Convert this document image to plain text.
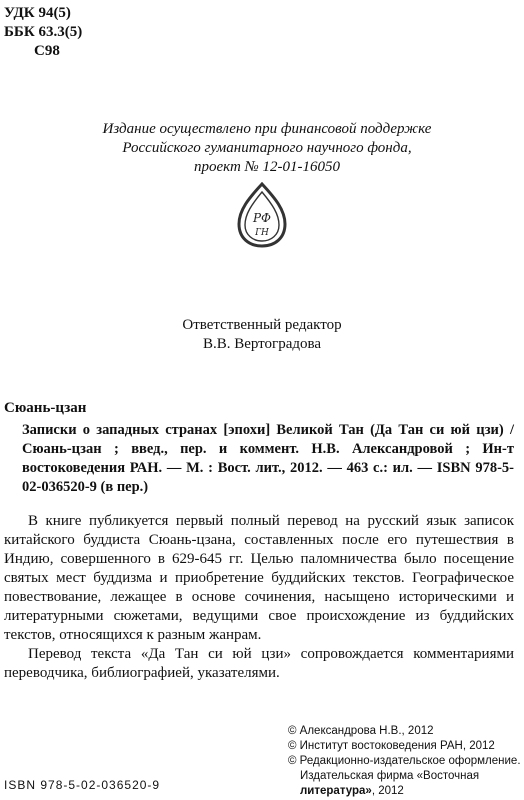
УДК 94(5)
ББК 63.3(5)
С98
Издание осуществлено при финансовой поддержке
Российского гуманитарного научного фонда,
проект № 12-01-16050
РФ
ГН
Ответственный редактор
В.В. Вертоградова
Сюань-цзан
Записки о западных странах [эпохи] Великой Тан (Да Тан си юй цзи) / Сюань-цзан ; введ., пер. и коммент. Н.В. Александровой ; Ин-т востоковедения РАН. — М. : Вост. лит., 2012. — 463 с.: ил. — ISBN 978-5-02-036520-9 (в пер.)

В книге публикуется первый полный перевод на русский язык записок китайского буддиста Сюань-цзана, составленных после его путешествия в Индию, совершенного в 629-645 гг. Целью паломничества было посещение святых мест буддизма и приобретение буддийских текстов. Географическое повествование, лежащее в основе сочинения, насыщено историческими и литературными сюжетами, ведущими свое происхождение из буддийских текстов, относящихся к разным жанрам.

Перевод текста «Да Тан си юй цзи» сопровождается комментариями переводчика, библиографией, указателями.

© Александрова Н.В., 2012
© Институт востоковедения РАН, 2012
© Редакционно-издательское оформление.
Издательская фирма «Восточная
литература», 2012
ISBN 978-5-02-036520-9
